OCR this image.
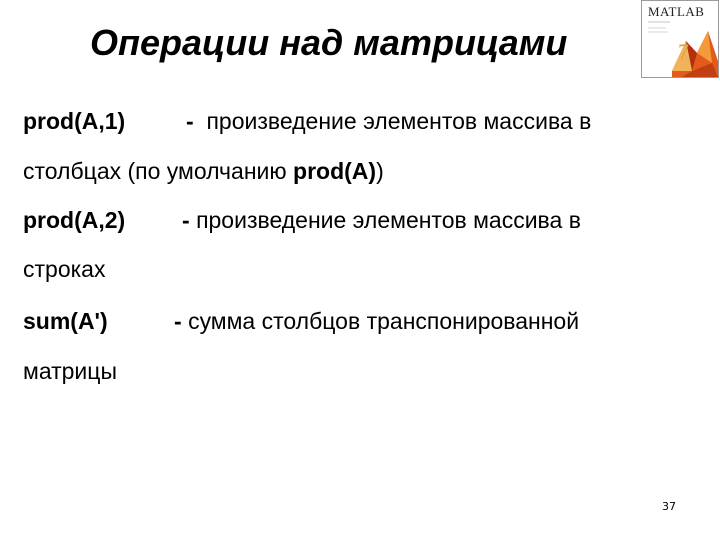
Операции над матрицами
MATLAB
7
prod(A,1)	- произведение элементов массива в
столбцах (по умолчанию prod(A))
prod(A,2) - произведение элементов массива в
строках
sum(A')	- сумма столбцов транспонированной
матрицы
37
